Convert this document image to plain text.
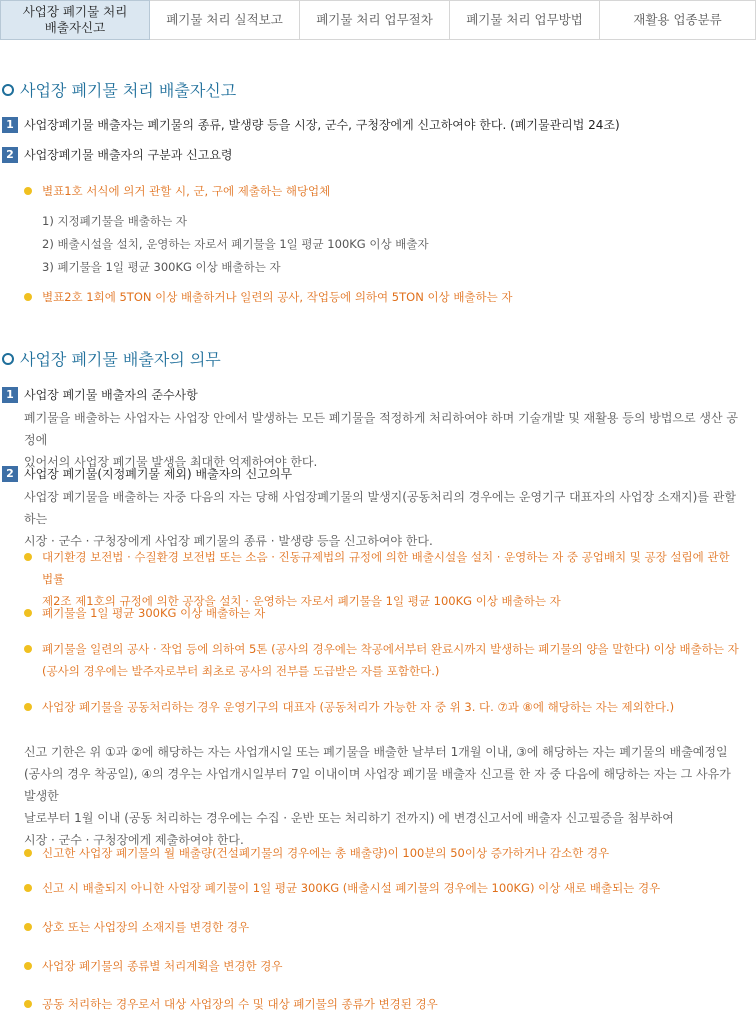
사업장 폐기물 처리
배출자신고
폐기물 처리 실적보고	폐기물 처리 업무절차	폐기물 처리 업무방법	재활용 업종분류
사업장 폐기물 처리 배출자신고
1 사업장폐기물 배출자는 폐기물의 종류, 발생량 등을 시장, 군수, 구청장에게 신고하여야 한다. (폐기물관리법 24조)
2 사업장폐기물 배출자의 구분과 신고요령
별표1호 서식에 의거 관할 시, 군, 구에 제출하는 해당업체
1) 지정폐기물을 배출하는 자
2) 배출시설을 설치, 운영하는 자로서 폐기물을 1일 평균 100KG 이상 배출자
3) 폐기물을 1일 평균 300KG 이상 배출하는 자
별표2호 1회에 5TON 이상 배출하거나 일련의 공사, 작업등에 의하여 5TON 이상 배출하는 자
사업장 폐기물 배출자의 의무
1 사업장 폐기물 배출자의 준수사항
폐기물을 배출하는 사업자는 사업장 안에서 발생하는 모든 폐기물을 적정하게 처리하여야 하며 기술개발 및 재활용 등의 방법으로 생산 공정에
있어서의 사업장 폐기물 발생을 최대한 억제하여야 한다.
2 사업장 폐기물(지정폐기물 제외) 배출자의 신고의무
사업장 폐기물을 배출하는 자중 다음의 자는 당해 사업장폐기물의 발생지(공동처리의 경우에는 운영기구 대표자의 사업장 소재지)를 관할하는
시장 · 군수 · 구청장에게 사업장 폐기물의 종류 · 발생량 등을 신고하여야 한다.
대기환경 보전법 · 수질환경 보전법 또는 소음 · 진동규제법의 규정에 의한 배출시설을 설치 · 운영하는 자 중 공업배치 및 공장 설립에 관한 법률
제2조 제1호의 규정에 의한 공장을 설치 · 운영하는 자로서 폐기물을 1일 평균 100KG 이상 배출하는 자
폐기물을 1일 평균 300KG 이상 배출하는 자
폐기물을 일련의 공사 · 작업 등에 의하여 5톤 (공사의 경우에는 착공에서부터 완료시까지 발생하는 폐기물의 양을 말한다) 이상 배출하는 자
(공사의 경우에는 발주자로부터 최초로 공사의 전부를 도급받은 자를 포함한다.)
사업장 폐기물을 공동처리하는 경우 운영기구의 대표자 (공동처리가 가능한 자 중 위 3. 다. ⑦과 ⑧에 해당하는 자는 제외한다.)
신고 기한은 위 ①과 ②에 해당하는 자는 사업개시일 또는 폐기물을 배출한 날부터 1개월 이내, ③에 해당하는 자는 폐기물의 배출예정일
(공사의 경우 착공일), ④의 경우는 사업개시일부터 7일 이내이며 사업장 폐기물 배출자 신고를 한 자 중 다음에 해당하는 자는 그 사유가 발생한
날로부터 1월 이내 (공동 처리하는 경우에는 수집 · 운반 또는 처리하기 전까지) 에 변경신고서에 배출자 신고필증을 첨부하여
시장 · 군수 · 구청장에게 제출하여야 한다.
신고한 사업장 폐기물의 월 배출량(건설폐기물의 경우에는 총 배출량)이 100분의 50이상 증가하거나 감소한 경우
신고 시 배출되지 아니한 사업장 폐기물이 1일 평균 300KG (배출시설 폐기물의 경우에는 100KG) 이상 새로 배출되는 경우
상호 또는 사업장의 소재지를 변경한 경우
사업장 폐기물의 종류별 처리계획을 변경한 경우
공동 처리하는 경우로서 대상 사업장의 수 및 대상 폐기물의 종류가 변경된 경우
